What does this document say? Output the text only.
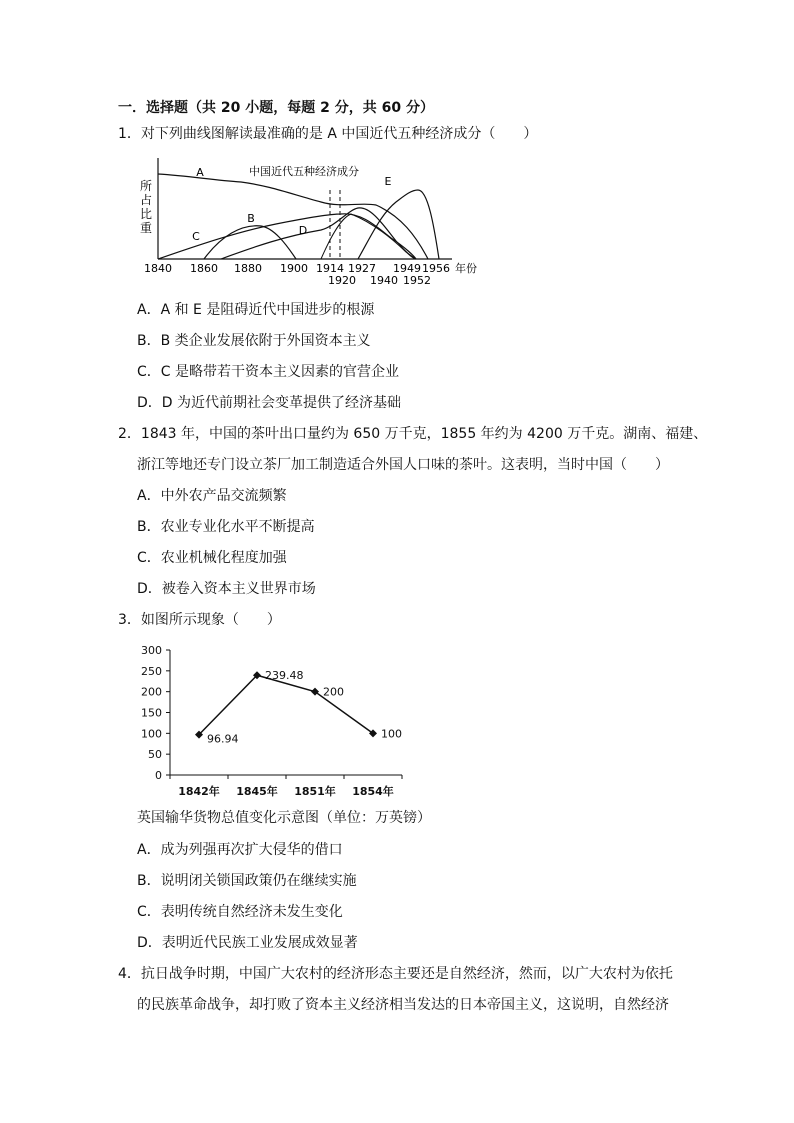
一．选择题（共 20 小题，每题 2 分，共 60 分）
1．对下列曲线图解读最准确的是 A 中国近代五种经济成分（　　）
所
占
比
重
中国近代五种经济成分
A
B
C	D
E
1840 1860 1880 1900 1914 1927 1949 1956 年份
1920 1940 1952
A．A 和 E 是阻碍近代中国进步的根源
B．B 类企业发展依附于外国资本主义
C．C 是略带若干资本主义因素的官营企业
D．D 为近代前期社会变革提供了经济基础
2．1843 年，中国的茶叶出口量约为 650 万千克，1855 年约为 4200 万千克。湖南、福建、
浙江等地还专门设立茶厂加工制造适合外国人口味的茶叶。这表明，当时中国（　　）
A．中外农产品交流频繁
B．农业专业化水平不断提高
C．农业机械化程度加强
D．被卷入资本主义世界市场
3．如图所示现象（　　）
0
50
100
150
200
250
300
1842年 1845年 1851年 1854年
96.94
239.48
200
100
英国输华货物总值变化示意图（单位：万英镑）
A．成为列强再次扩大侵华的借口
B．说明闭关锁国政策仍在继续实施
C．表明传统自然经济未发生变化
D．表明近代民族工业发展成效显著
4．抗日战争时期，中国广大农村的经济形态主要还是自然经济，然而，以广大农村为依托
的民族革命战争，却打败了资本主义经济相当发达的日本帝国主义，这说明，自然经济
